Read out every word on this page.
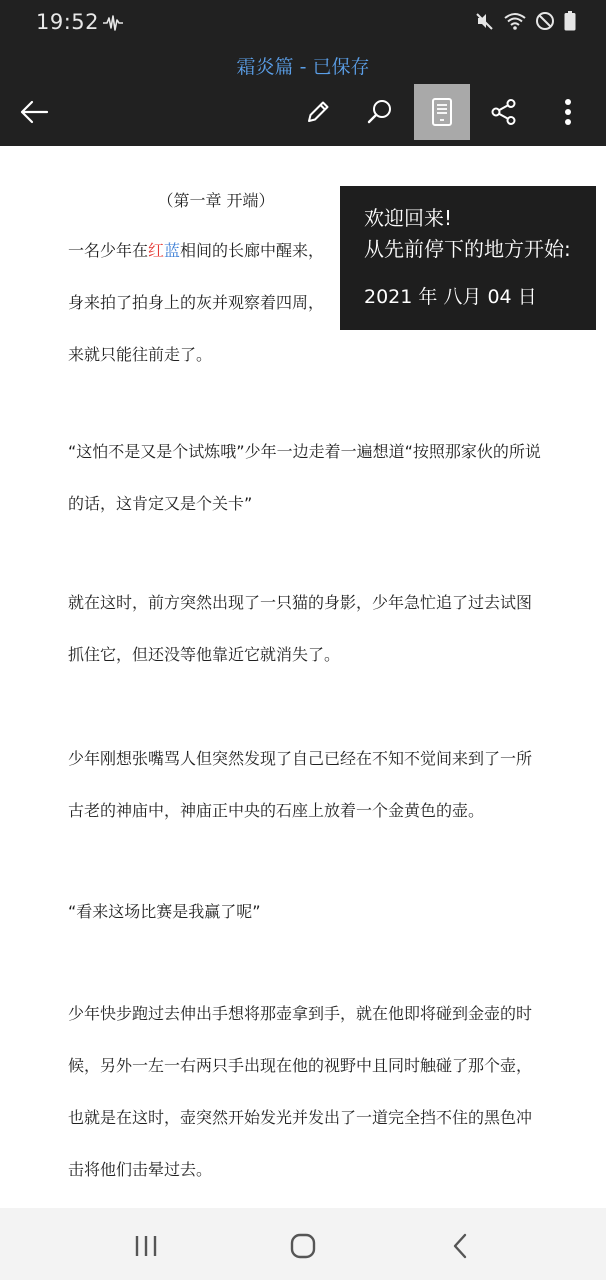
19:52
霜炎篇 - 已保存
（第一章 开端）
一名少年在红蓝相间的长廊中醒来，
身来拍了拍身上的灰并观察着四周，
来就只能往前走了。

“这怕不是又是个试炼哦”少年一边走着一遍想道“按照那家伙的所说的话，这肯定又是个关卡”

就在这时，前方突然出现了一只猫的身影，少年急忙追了过去试图抓住它，但还没等他靠近它就消失了。

少年刚想张嘴骂人但突然发现了自己已经在不知不觉间来到了一所古老的神庙中，神庙正中央的石座上放着一个金黄色的壶。

“看来这场比赛是我赢了呢”

少年快步跑过去伸出手想将那壶拿到手，就在他即将碰到金壶的时候，另外一左一右两只手出现在他的视野中且同时触碰了那个壶，也就是在这时，壶突然开始发光并发出了一道完全挡不住的黑色冲击将他们击晕过去。

欢迎回来!
从先前停下的地方开始:
2021 年 八月 04 日
